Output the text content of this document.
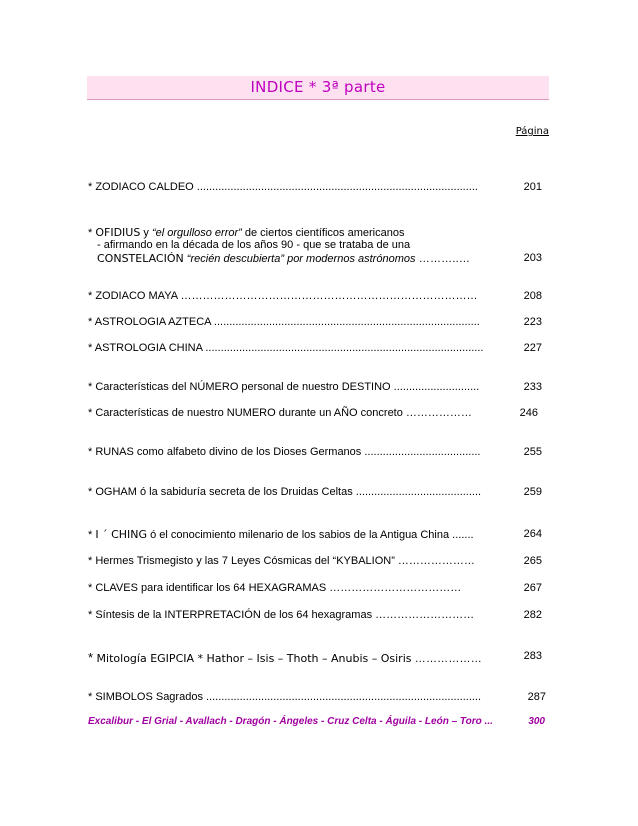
INDICE * 3ª parte
Página
* ZODIACO CALDEO ............................................................................................	201
* OFIDIUS y “el orgulloso error” de ciertos científicos americanos
- afirmando en la década de los años 90 - que se trataba de una
CONSTELACIÓN “recién descubierta” por modernos astrónomos ………..…	203
* ZODIACO MAYA ………………………………………………………………………	208
* ASTROLOGIA AZTECA .......................................................................................	223
* ASTROLOGIA CHINA ...........................................................................................	227
* Características del NÚMERO personal de nuestro DESTINO ............................	233
* Características de nuestro NUMERO durante un AÑO concreto ………………	246
* RUNAS como alfabeto divino de los Dioses Germanos ......................................	255
* OGHAM ó la sabiduría secreta de los Druidas Celtas .........................................	259
* I ´ CHING ó el conocimiento milenario de los sabios de la Antigua China .......	264
* Hermes Trismegisto y las 7 Leyes Cósmicas del “KYBALION” …………………	265
* CLAVES para identificar los 64 HEXAGRAMAS ………………………………	267
* Síntesis de la INTERPRETACIÓN de los 64 hexagramas ………………………	282
* Mitología EGIPCIA * Hathor – Isis – Thoth – Anubis – Osiris ………………	283
* SIMBOLOS Sagrados ..........................................................................................	287
Excalibur - El Grial - Avallach - Dragón - Ángeles - Cruz Celta - Águila - León – Toro ...	300
